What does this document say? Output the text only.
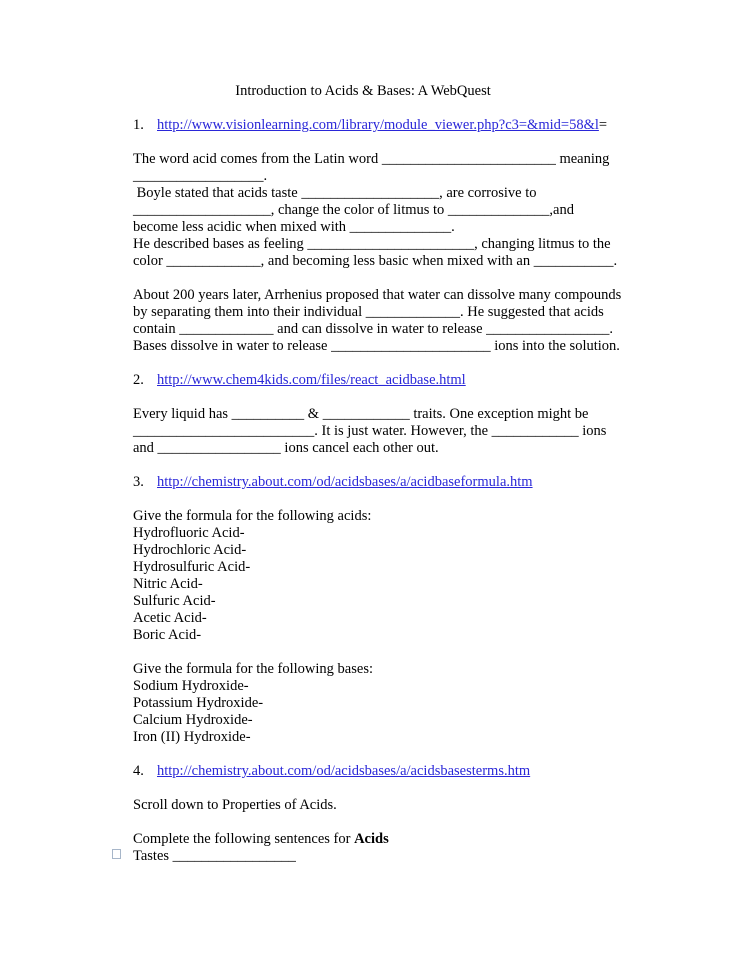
Introduction to Acids & Bases: A WebQuest
1. http://www.visionlearning.com/library/module_viewer.php?c3=&mid=58&l=
The word acid comes from the Latin word ________________________ meaning
__________________.
Boyle stated that acids taste ___________________, are corrosive to
___________________, change the color of litmus to ______________,and
become less acidic when mixed with ______________.
He described bases as feeling _______________________, changing litmus to the
color _____________, and becoming less basic when mixed with an ___________.
About 200 years later, Arrhenius proposed that water can dissolve many compounds
by separating them into their individual _____________. He suggested that acids
contain _____________ and can dissolve in water to release _________________.
Bases dissolve in water to release ______________________ ions into the solution.
2. http://www.chem4kids.com/files/react_acidbase.html
Every liquid has __________ & ____________ traits. One exception might be
_________________________. It is just water. However, the ____________ ions
and _________________ ions cancel each other out.
3. http://chemistry.about.com/od/acidsbases/a/acidbaseformula.htm
Give the formula for the following acids:
Hydrofluoric Acid-
Hydrochloric Acid-
Hydrosulfuric Acid-
Nitric Acid-
Sulfuric Acid-
Acetic Acid-
Boric Acid-
Give the formula for the following bases:
Sodium Hydroxide-
Potassium Hydroxide-
Calcium Hydroxide-
Iron (II) Hydroxide-
4. http://chemistry.about.com/od/acidsbases/a/acidsbasesterms.htm
Scroll down to Properties of Acids.
Complete the following sentences for Acids
Tastes _________________
